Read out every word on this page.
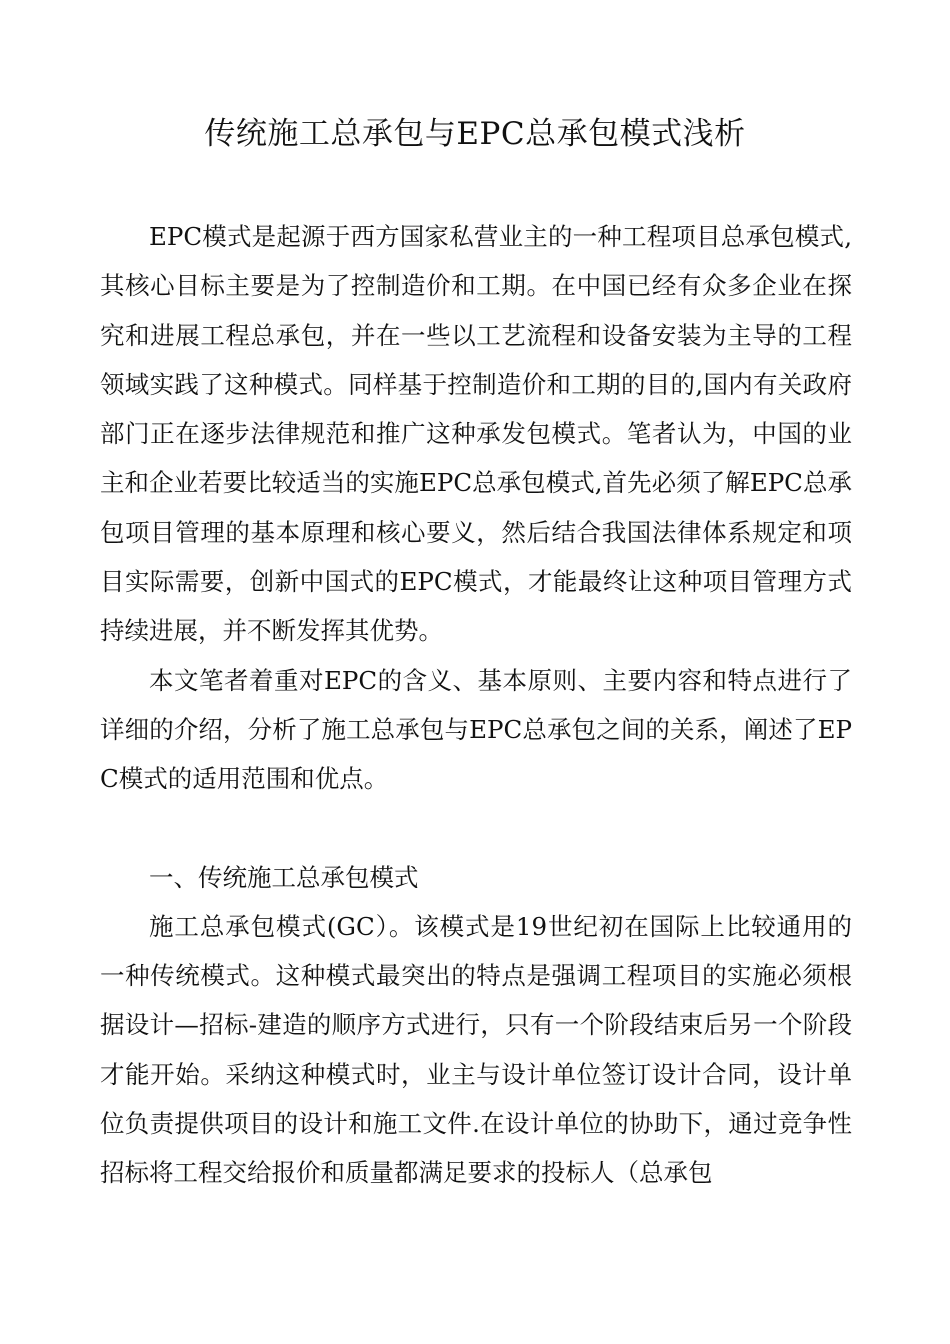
传统施工总承包与EPC总承包模式浅析

EPC模式是起源于西方国家私营业主的一种工程项目总承包模式,其核心目标主要是为了控制造价和工期。在中国已经有众多企业在探究和进展工程总承包，并在一些以工艺流程和设备安装为主导的工程领域实践了这种模式。同样基于控制造价和工期的目的,国内有关政府部门正在逐步法律规范和推广这种承发包模式。笔者认为，中国的业主和企业若要比较适当的实施EPC总承包模式,首先必须了解EPC总承包项目管理的基本原理和核心要义，然后结合我国法律体系规定和项目实际需要，创新中国式的EPC模式，才能最终让这种项目管理方式持续进展，并不断发挥其优势。

本文笔者着重对EPC的含义、基本原则、主要内容和特点进行了详细的介绍，分析了施工总承包与EPC总承包之间的关系，阐述了EPC模式的适用范围和优点。

一、传统施工总承包模式

施工总承包模式(GC）。该模式是19世纪初在国际上比较通用的一种传统模式。这种模式最突出的特点是强调工程项目的实施必须根据设计—招标-建造的顺序方式进行，只有一个阶段结束后另一个阶段才能开始。采纳这种模式时，业主与设计单位签订设计合同，设计单位负责提供项目的设计和施工文件.在设计单位的协助下，通过竞争性招标将工程交给报价和质量都满足要求的投标人（总承包
